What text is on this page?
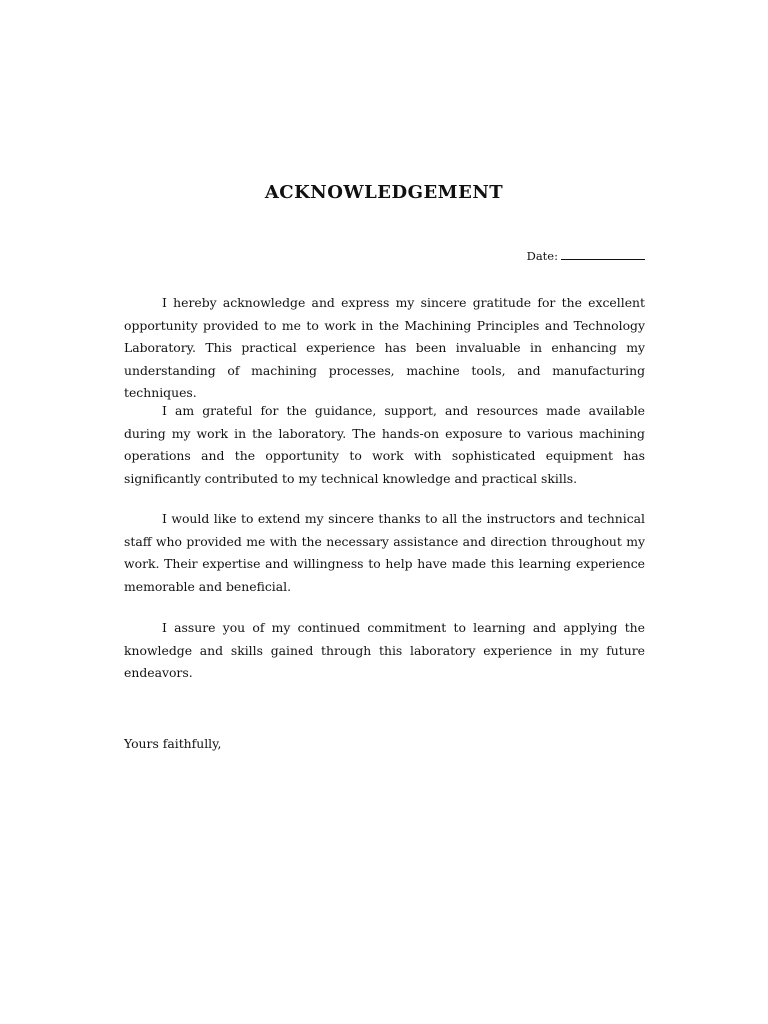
ACKNOWLEDGEMENT
Date:

I hereby acknowledge and express my sincere gratitude for the excellent opportunity provided to me to work in the Machining Principles and Technology Laboratory. This practical experience has been invaluable in enhancing my understanding of machining processes, machine tools, and manufacturing techniques.

I am grateful for the guidance, support, and resources made available during my work in the laboratory. The hands-on exposure to various machining operations and the opportunity to work with sophisticated equipment has significantly contributed to my technical knowledge and practical skills.

I would like to extend my sincere thanks to all the instructors and technical staff who provided me with the necessary assistance and direction throughout my work. Their expertise and willingness to help have made this learning experience memorable and beneficial.

I assure you of my continued commitment to learning and applying the knowledge and skills gained through this laboratory experience in my future endeavors.

Yours faithfully,
